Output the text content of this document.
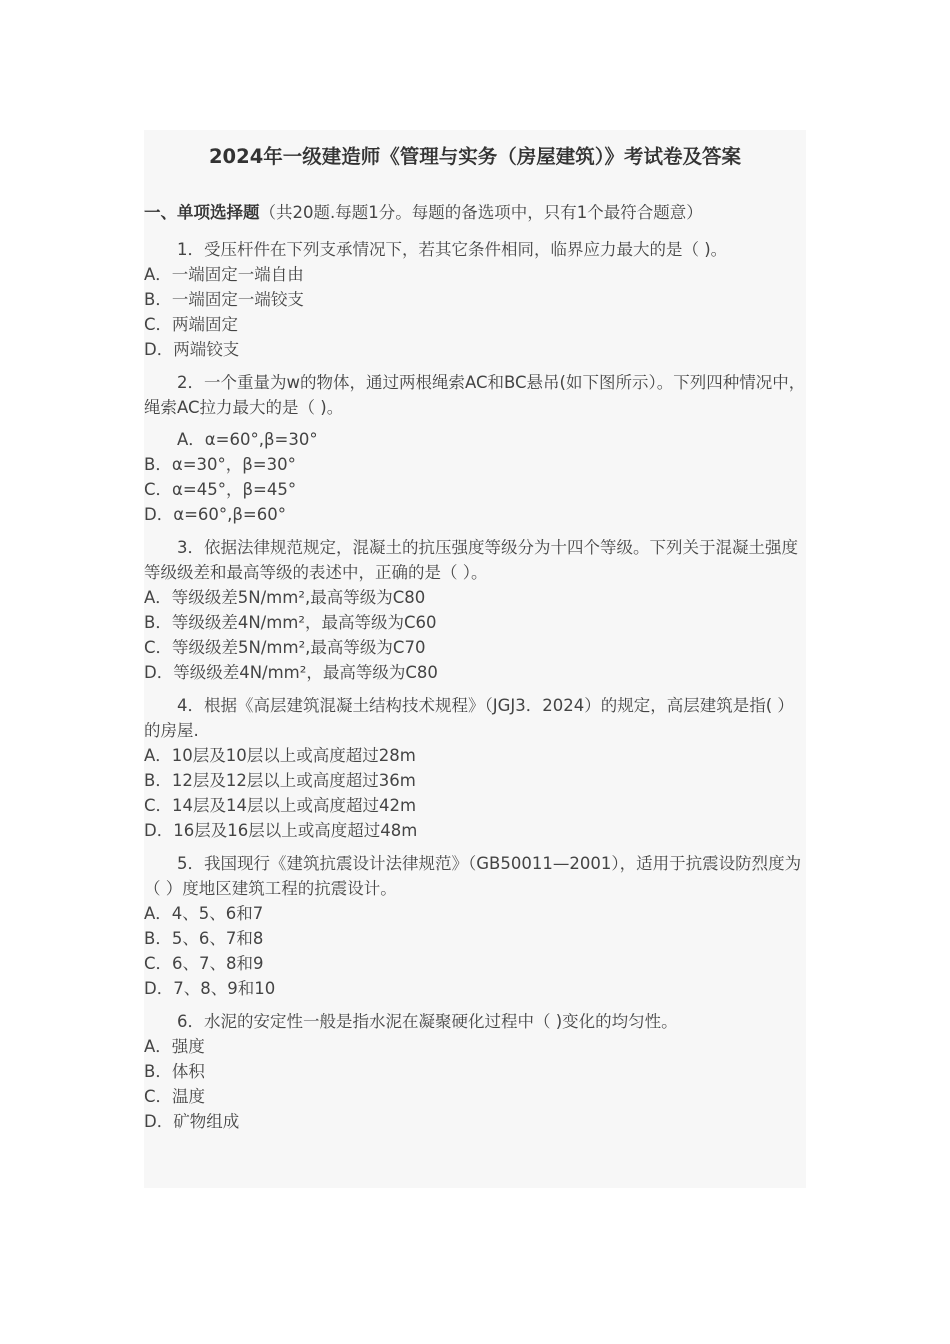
2024年一级建造师《管理与实务（房屋建筑）》考试卷及答案
一、单项选择题（共20题.每题1分。每题的备选项中，只有1个最符合题意）
1．受压杆件在下列支承情况下，若其它条件相同，临界应力最大的是（ )。
A．一端固定一端自由
B．一端固定一端铰支
C．两端固定
D．两端铰支
2．一个重量为w的物体，通过两根绳索AC和BC悬吊(如下图所示）。下列四种情况中，绳索AC拉力最大的是（ )。
A．α=60°,β=30°
B．α=30°，β=30°
C．α=45°，β=45°
D．α=60°,β=60°
3．依据法律规范规定，混凝土的抗压强度等级分为十四个等级。下列关于混凝土强度等级级差和最高等级的表述中，正确的是（ ）。
A．等级级差5N/mm²,最高等级为C80
B．等级级差4N/mm²，最高等级为C60
C．等级级差5N/mm²,最高等级为C70
D．等级级差4N/mm²，最高等级为C80
4．根据《高层建筑混凝土结构技术规程》（JGJ3．2024）的规定，高层建筑是指( ）的房屋.
A．10层及10层以上或高度超过28m
B．12层及12层以上或高度超过36m
C．14层及14层以上或高度超过42m
D．16层及16层以上或高度超过48m
5．我国现行《建筑抗震设计法律规范》（GB50011—2001），适用于抗震设防烈度为（ ）度地区建筑工程的抗震设计。
A．4、5、6和7
B．5、6、7和8
C．6、7、8和9
D．7、8、9和10
6．水泥的安定性一般是指水泥在凝聚硬化过程中（ )变化的均匀性。
A．强度
B．体积
C．温度
D．矿物组成
